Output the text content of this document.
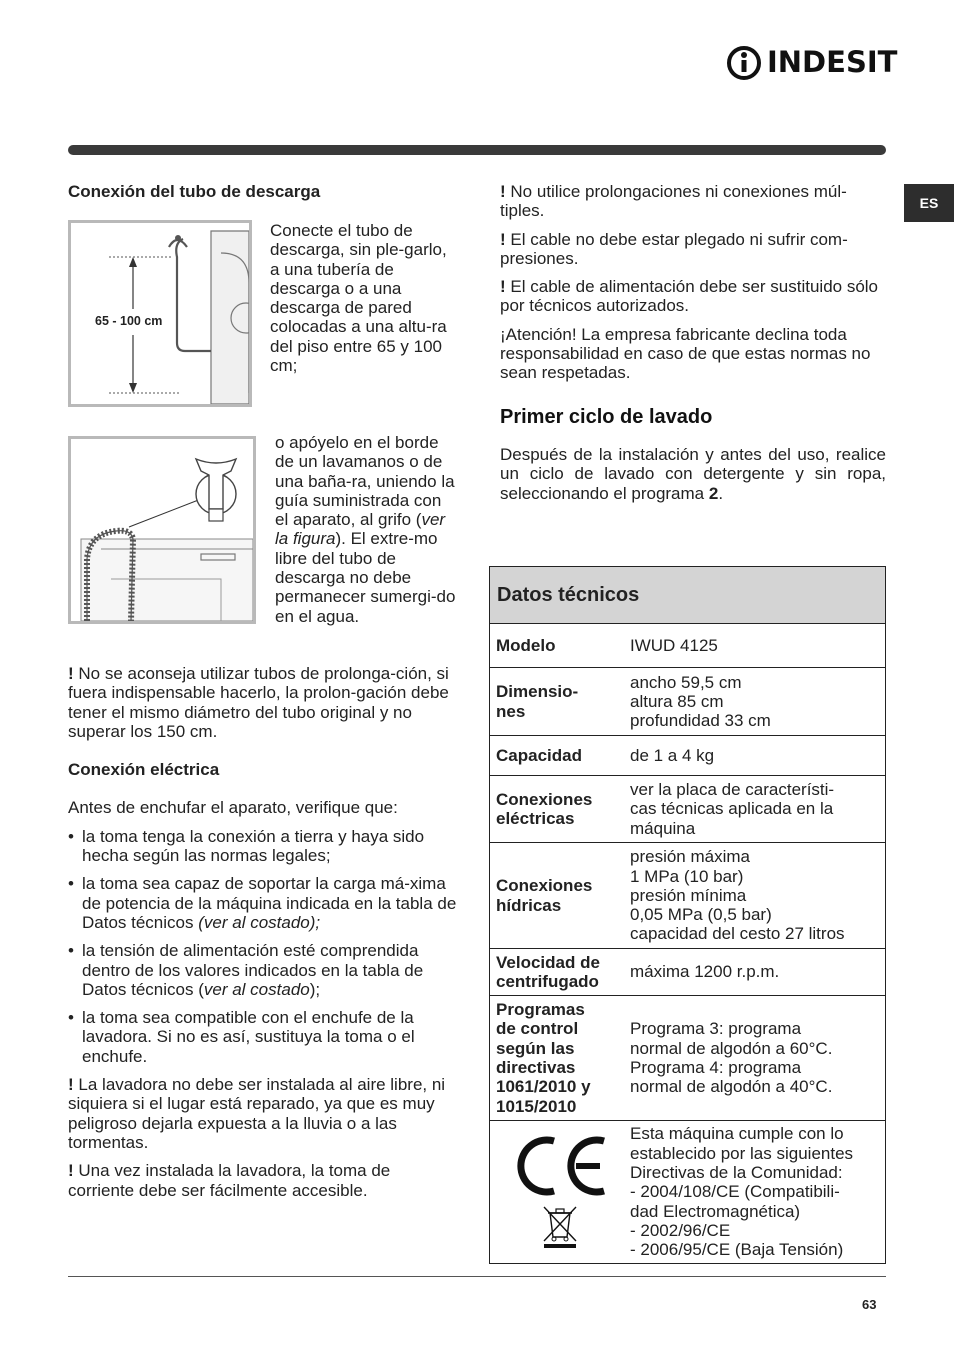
INDESIT
ES
65 - 100 cm
Conexión del tubo de descarga

Conecte el tubo de descarga, sin ple-garlo, a una tubería de descarga o a una descarga de pared colocadas a una altu-ra del piso entre 65 y 100 cm;

o apóyelo en el borde de un lavamanos o de una baña-ra, uniendo la guía suministrada con el aparato, al grifo (ver la figura). El extre-mo libre del tubo de descarga no debe permanecer sumergi-do en el agua.

! No se aconseja utilizar tubos de prolonga-ción, si fuera indispensable hacerlo, la prolon-gación debe tener el mismo diámetro del tubo original y no superar los 150 cm.

Conexión eléctrica

Antes de enchufar el aparato, verifique que:

• la toma tenga la conexión a tierra y haya sido hecha según las normas legales;
• la toma sea capaz de soportar la carga má-xima de potencia de la máquina indicada en la tabla de Datos técnicos (ver al costado);
• la tensión de alimentación esté comprendida dentro de los valores indicados en la tabla de Datos técnicos (ver al costado);
• la toma sea compatible con el enchufe de la lavadora. Si no es así, sustituya la toma o el enchufe.

! La lavadora no debe ser instalada al aire libre, ni siquiera si el lugar está reparado, ya que es muy peligroso dejarla expuesta a la lluvia o a las tormentas.

! Una vez instalada la lavadora, la toma de corriente debe ser fácilmente accesible.

! No utilice prolongaciones ni conexiones múl-tiples.

! El cable no debe estar plegado ni sufrir com-presiones.

! El cable de alimentación debe ser sustituido sólo por técnicos autorizados.

¡Atención! La empresa fabricante declina toda responsabilidad en caso de que estas normas no sean respetadas.

Primer ciclo de lavado

Después de la instalación y antes del uso, realice un ciclo de lavado con detergente y sin ropa, seleccionando el programa 2.

Datos técnicos
Modelo	IWUD 4125
Dimensio-
nes
ancho 59,5 cm
altura 85 cm
profundidad 33 cm
Capacidad	de 1 a 4 kg
Conexiones
eléctricas
ver la placa de característi-
cas técnicas aplicada en la
máquina
Conexiones
hídricas
presión máxima
1 MPa (10 bar)
presión mínima
0,05 MPa (0,5 bar)
capacidad del cesto 27 litros
Velocidad de
centrifugado
máxima 1200 r.p.m.
Programas
de control
según las
directivas
1061/2010 y
1015/2010
Programa 3: programa
normal de algodón a 60°C.
Programa 4: programa
normal de algodón a 40°C.
Esta máquina cumple con lo
establecido por las siguientes
Directivas de la Comunidad:
- 2004/108/CE (Compatibili-
dad Electromagnética)
- 2002/96/CE
- 2006/95/CE (Baja Tensión)
63
